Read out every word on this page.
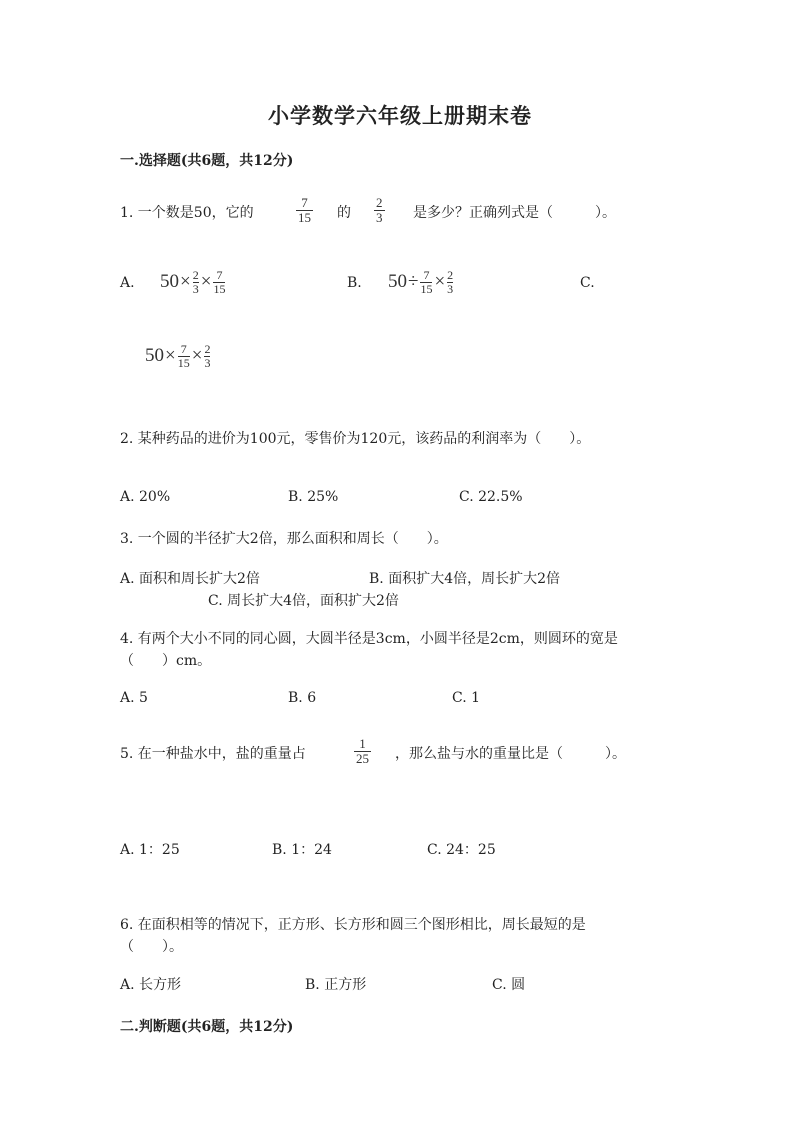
小学数学六年级上册期末卷
一.选择题(共6题，共12分)
1. 一个数是50，它的
7
15 的
2
3 是多少？正确列式是（　　　）。
A. 50 × 2
3 × 7
15	B. 50 ÷ 7
15 × 2
3	C.
50 × 7
15 × 2
3
2. 某种药品的进价为100元，零售价为120元，该药品的利润率为（　　）。
A. 20%	B. 25%	C. 22.5%
3. 一个圆的半径扩大2倍，那么面积和周长（　　）。
A. 面积和周长扩大2倍	B. 面积扩大4倍，周长扩大2倍
C. 周长扩大4倍，面积扩大2倍
4. 有两个大小不同的同心圆，大圆半径是3cm，小圆半径是2cm，则圆环的宽是
（　　）cm。
A. 5	B. 6	C. 1
5. 在一种盐水中，盐的重量占
1
25 ，那么盐与水的重量比是（　　　）。
A. 1：25	B. 1：24	C. 24：25
6. 在面积相等的情况下，正方形、长方形和圆三个图形相比，周长最短的是
（　　）。
A. 长方形	B. 正方形	C. 圆
二.判断题(共6题，共12分)
